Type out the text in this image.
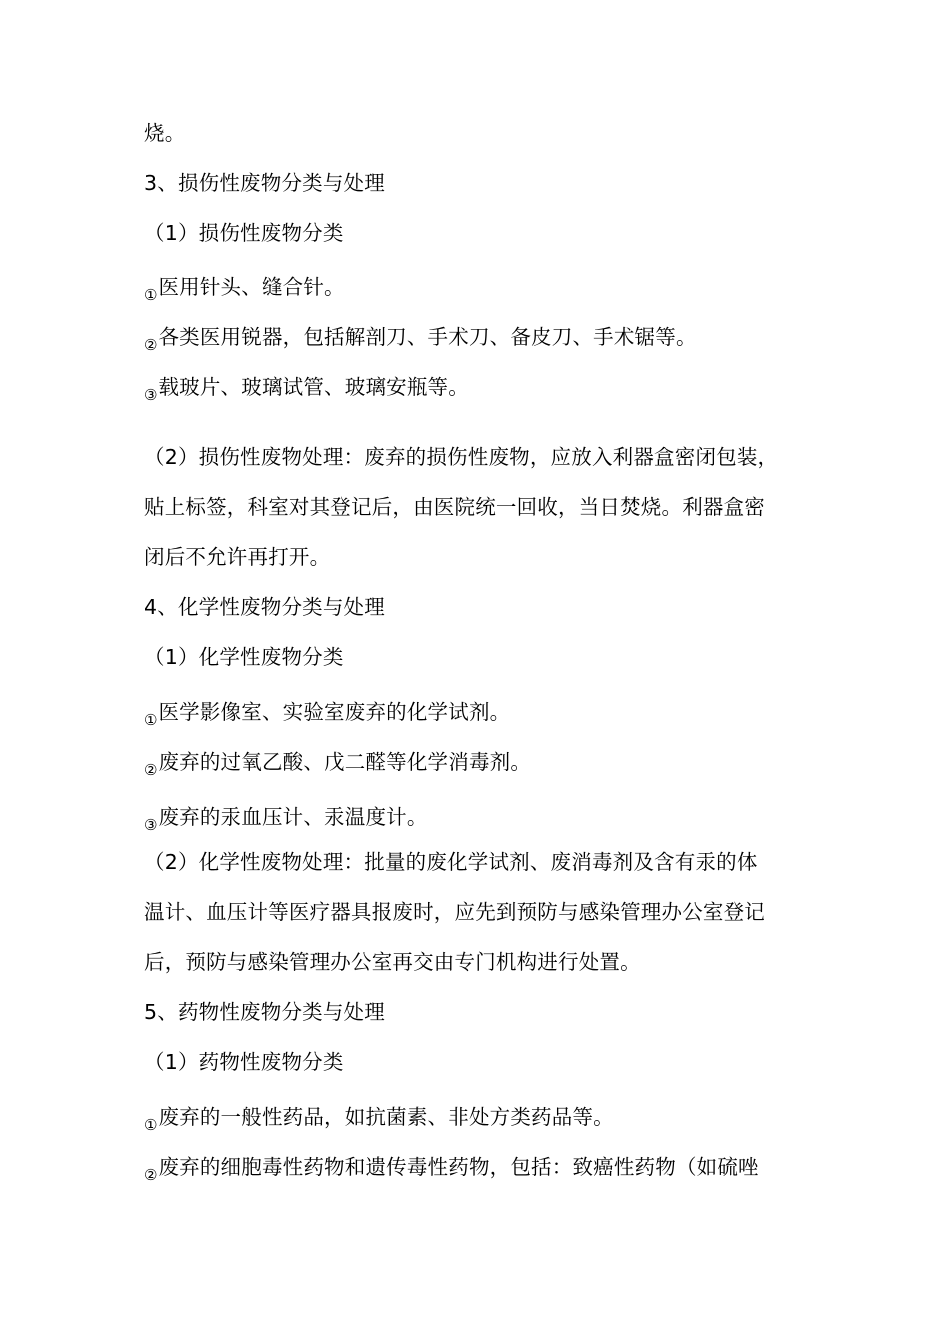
烧。
3、损伤性废物分类与处理
（1）损伤性废物分类
①医用针头、缝合针。
②各类医用锐器，包括解剖刀、手术刀、备皮刀、手术锯等。
③载玻片、玻璃试管、玻璃安瓶等。
（2）损伤性废物处理：废弃的损伤性废物，应放入利器盒密闭包装，
贴上标签，科室对其登记后，由医院统一回收，当日焚烧。利器盒密
闭后不允许再打开。
4、化学性废物分类与处理
（1）化学性废物分类
①医学影像室、实验室废弃的化学试剂。
②废弃的过氧乙酸、戊二醛等化学消毒剂。
③废弃的汞血压计、汞温度计。
（2）化学性废物处理：批量的废化学试剂、废消毒剂及含有汞的体
温计、血压计等医疗器具报废时，应先到预防与感染管理办公室登记
后，预防与感染管理办公室再交由专门机构进行处置。
5、药物性废物分类与处理
（1）药物性废物分类
①废弃的一般性药品，如抗菌素、非处方类药品等。
②废弃的细胞毒性药物和遗传毒性药物，包括：致癌性药物（如硫唑
